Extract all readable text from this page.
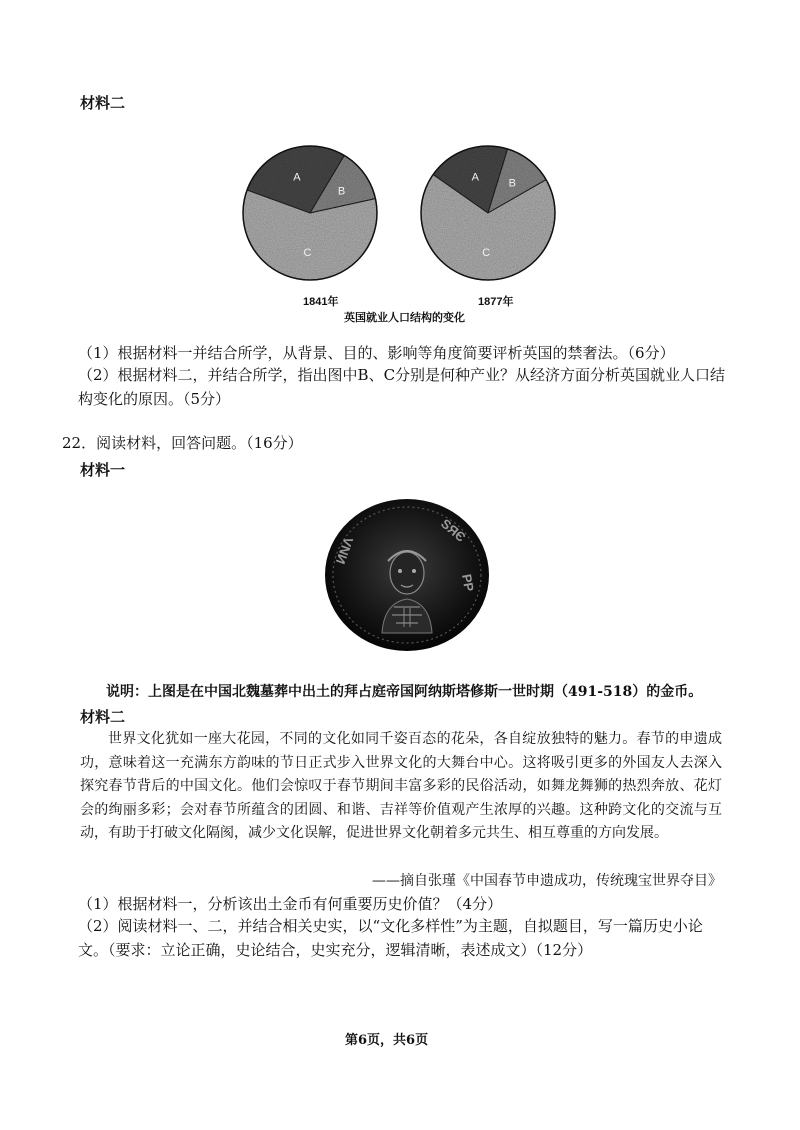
材料二
A
B
C
A
B
C
1841年	1877年
英国就业人口结构的变化
（1）根据材料一并结合所学，从背景、目的、影响等角度简要评析英国的禁奢法。（6分）
（2）根据材料二，并结合所学，指出图中B、C分别是何种产业？从经济方面分析英国就业人口结构变化的原因。（5分）
22．阅读材料，回答问题。（16分）
材料一
ИNΛ
SЯЄ
PP
说明：上图是在中国北魏墓葬中出土的拜占庭帝国阿纳斯塔修斯一世时期（491-518）的金币。
材料二
世界文化犹如一座大花园，不同的文化如同千姿百态的花朵，各自绽放独特的魅力。春节的申遗成功，意味着这一充满东方韵味的节日正式步入世界文化的大舞台中心。这将吸引更多的外国友人去深入探究春节背后的中国文化。他们会惊叹于春节期间丰富多彩的民俗活动，如舞龙舞狮的热烈奔放、花灯会的绚丽多彩；会对春节所蕴含的团圆、和谐、吉祥等价值观产生浓厚的兴趣。这种跨文化的交流与互动，有助于打破文化隔阂，减少文化误解，促进世界文化朝着多元共生、相互尊重的方向发展。
——摘自张瑾《中国春节申遗成功，传统瑰宝世界夺目》
（1）根据材料一，分析该出土金币有何重要历史价值？（4分）
（2）阅读材料一、二，并结合相关史实，以“文化多样性”为主题，自拟题目，写一篇历史小论文。（要求：立论正确，史论结合，史实充分，逻辑清晰，表述成文）（12分）
第6页，共6页
